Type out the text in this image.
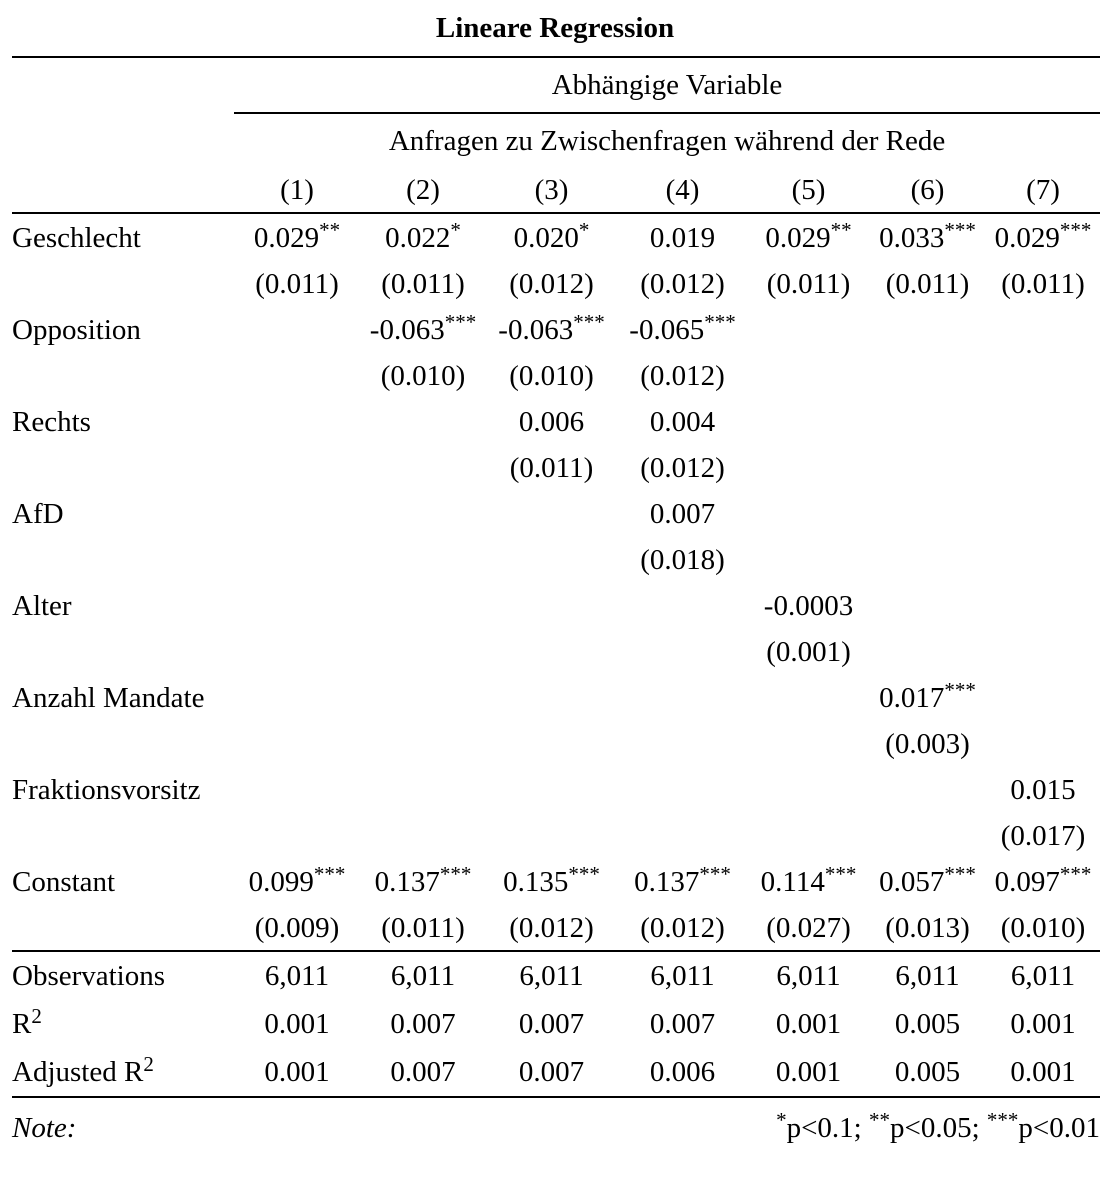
Lineare Regression
	Abhängige Variable						
	Anfragen zu Zwischenfragen während der Rede						
	(1)	(2)	(3)	(4)	(5)	(6)	(7)
Geschlecht	0.029**	0.022*	0.020*	0.019	0.029**	0.033***	0.029***
	(0.011)	(0.011)	(0.012)	(0.012)	(0.011)	(0.011)	(0.011)
Opposition		-0.063***	-0.063***	-0.065***			
		(0.010)	(0.010)	(0.012)			
Rechts			0.006	0.004			
			(0.011)	(0.012)			
AfD				0.007			
				(0.018)			
Alter					-0.0003		
					(0.001)		
Anzahl Mandate						0.017***	
						(0.003)	
Fraktionsvorsitz							0.015
							(0.017)
Constant	0.099***	0.137***	0.135***	0.137***	0.114***	0.057***	0.097***
	(0.009)	(0.011)	(0.012)	(0.012)	(0.027)	(0.013)	(0.010)
Observations	6,011	6,011	6,011	6,011	6,011	6,011	6,011
$R^2$	0.001	0.007	0.007	0.007	0.001	0.005	0.001
Adjusted $R^2$	0.001	0.007	0.007	0.006	0.001	0.005	0.001
Note:	*p<0.1; **p<0.05; ***p<0.01						
